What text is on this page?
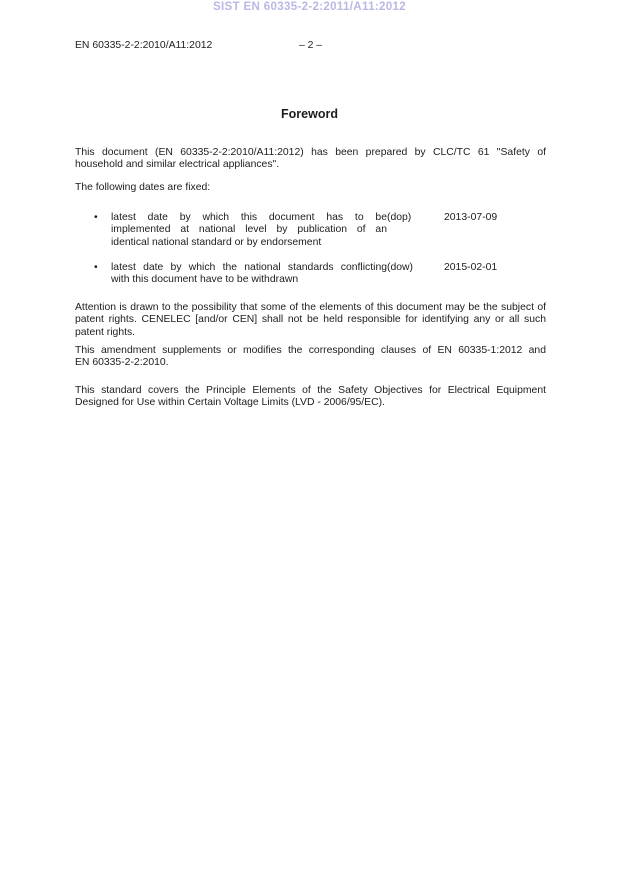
SIST EN 60335-2-2:2011/A11:2012
EN 60335-2-2:2010/A11:2012	– 2 –
Foreword

This document (EN 60335-2-2:2010/A11:2012) has been prepared by CLC/TC 61 "Safety of
household and similar electrical appliances".

The following dates are fixed:

•	latest date by which this document has to be
implemented at national level by publication of an
identical national standard or by endorsement
(dop)	2013-07-09
•	latest date by which the national standards conflicting
with this document have to be withdrawn
(dow)	2015-02-01

Attention is drawn to the possibility that some of the elements of this document may be the subject of
patent rights. CENELEC [and/or CEN] shall not be held responsible for identifying any or all such
patent rights.

This amendment supplements or modifies the corresponding clauses of EN 60335-1:2012 and
EN 60335-2-2:2010.

This standard covers the Principle Elements of the Safety Objectives for Electrical Equipment
Designed for Use within Certain Voltage Limits (LVD - 2006/95/EC).
